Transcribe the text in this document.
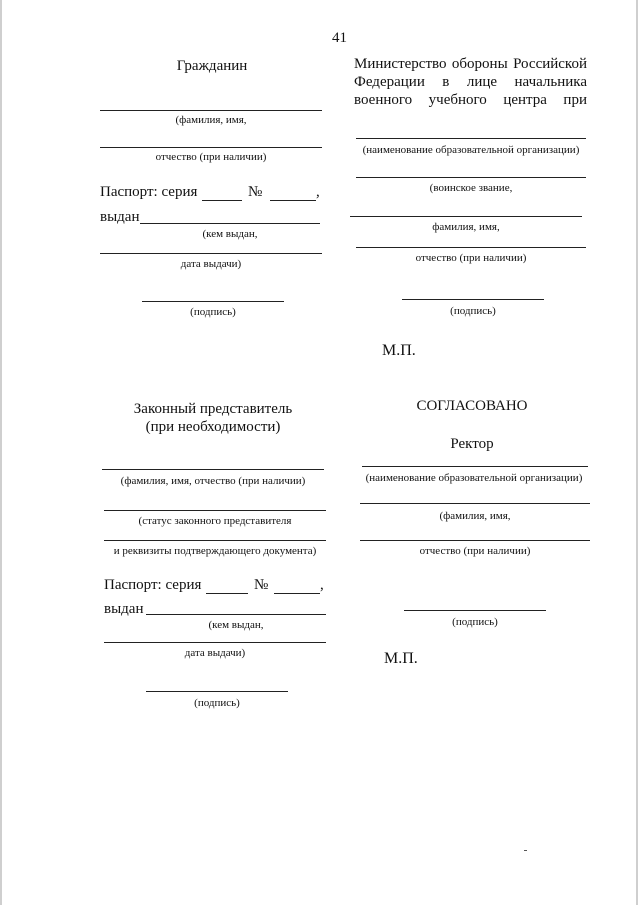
41
Гражданин
(фамилия, имя,
отчество (при наличии)
Паспорт: серия	№	,
выдан
(кем выдан,
дата выдачи)
(подпись)
Министерство обороны Российской
Федерации в лице начальника
военного учебного центра при
(наименование образовательной организации)
(воинское звание,
фамилия, имя,
отчество (при наличии)
(подпись)
М.П.
Законный представитель
(при необходимости)
(фамилия, имя, отчество (при наличии)
(статус законного представителя
и реквизиты подтверждающего документа)
Паспорт: серия	№	,
выдан
(кем выдан,
дата выдачи)
(подпись)
СОГЛАСОВАНО
Ректор
(наименование образовательной организации)
(фамилия, имя,
отчество (при наличии)
(подпись)
М.П.
